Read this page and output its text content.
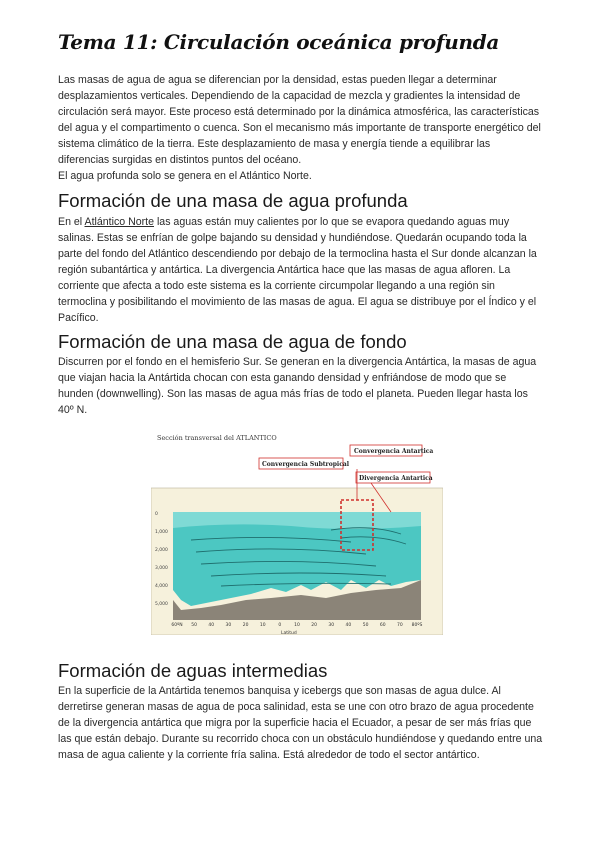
Tema 11: Circulación oceánica profunda

Las masas de agua de agua se diferencian por la densidad, estas pueden llegar a determinar desplazamientos verticales. Dependiendo de la capacidad de mezcla y gradientes la intensidad de circulación será mayor. Este proceso está determinado por la dinámica atmosférica, las características del agua y el compartimento o cuenca. Son el mecanismo más importante de transporte energético del sistema climático de la tierra. Este desplazamiento de masa y energía tiende a equilibrar las diferencias surgidas en distintos puntos del océano.
El agua profunda solo se genera en el Atlántico Norte.

Formación de una masa de agua profunda

En el Atlántico Norte las aguas están muy calientes por lo que se evapora quedando aguas muy salinas. Estas se enfrían de golpe bajando su densidad y hundiéndose. Quedarán ocupando toda la parte del fondo del Atlántico descendiendo por debajo de la termoclina hasta el Sur donde alcanzan la región subantártica y antártica. La divergencia Antártica hace que las masas de agua afloren. La corriente que afecta a todo este sistema es la corriente circumpolar llegando a una región sin termoclina y posibilitando el movimiento de las masas de agua. El agua se distribuye por el Índico y el Pacífico.

Formación de una masa de agua de fondo

Discurren por el fondo en el hemisferio Sur. Se generan en la divergencia Antártica, la masas de agua que viajan hacia la Antártida chocan con esta ganando densidad y enfriándose de modo que se hunden (downwelling). Son las masas de agua más frías de todo el planeta. Pueden llegar hasta los 40º N.

Sección transversal del ATLANTICO
Convergencia Antartica
Convergencia Subtropical
Divergencia Antartica
0
1,000
2,000
3,000
4,000
5,000
60ºN 50	40	30	20	10	0	10	20	30	40	50	60	70 80ºS
Latitud
Formación de aguas intermedias

En la superficie de la Antártida tenemos banquisa y icebergs que son masas de agua dulce. Al derretirse generan masas de agua de poca salinidad, esta se une con otro brazo de agua procedente de la divergencia antártica que migra por la superficie hacia el Ecuador, a pesar de ser más frías que las que están debajo. Durante su recorrido choca con un obstáculo hundiéndose y quedando entre una masa de agua caliente y la corriente fría salina. Está alrededor de todo el sector antártico.
